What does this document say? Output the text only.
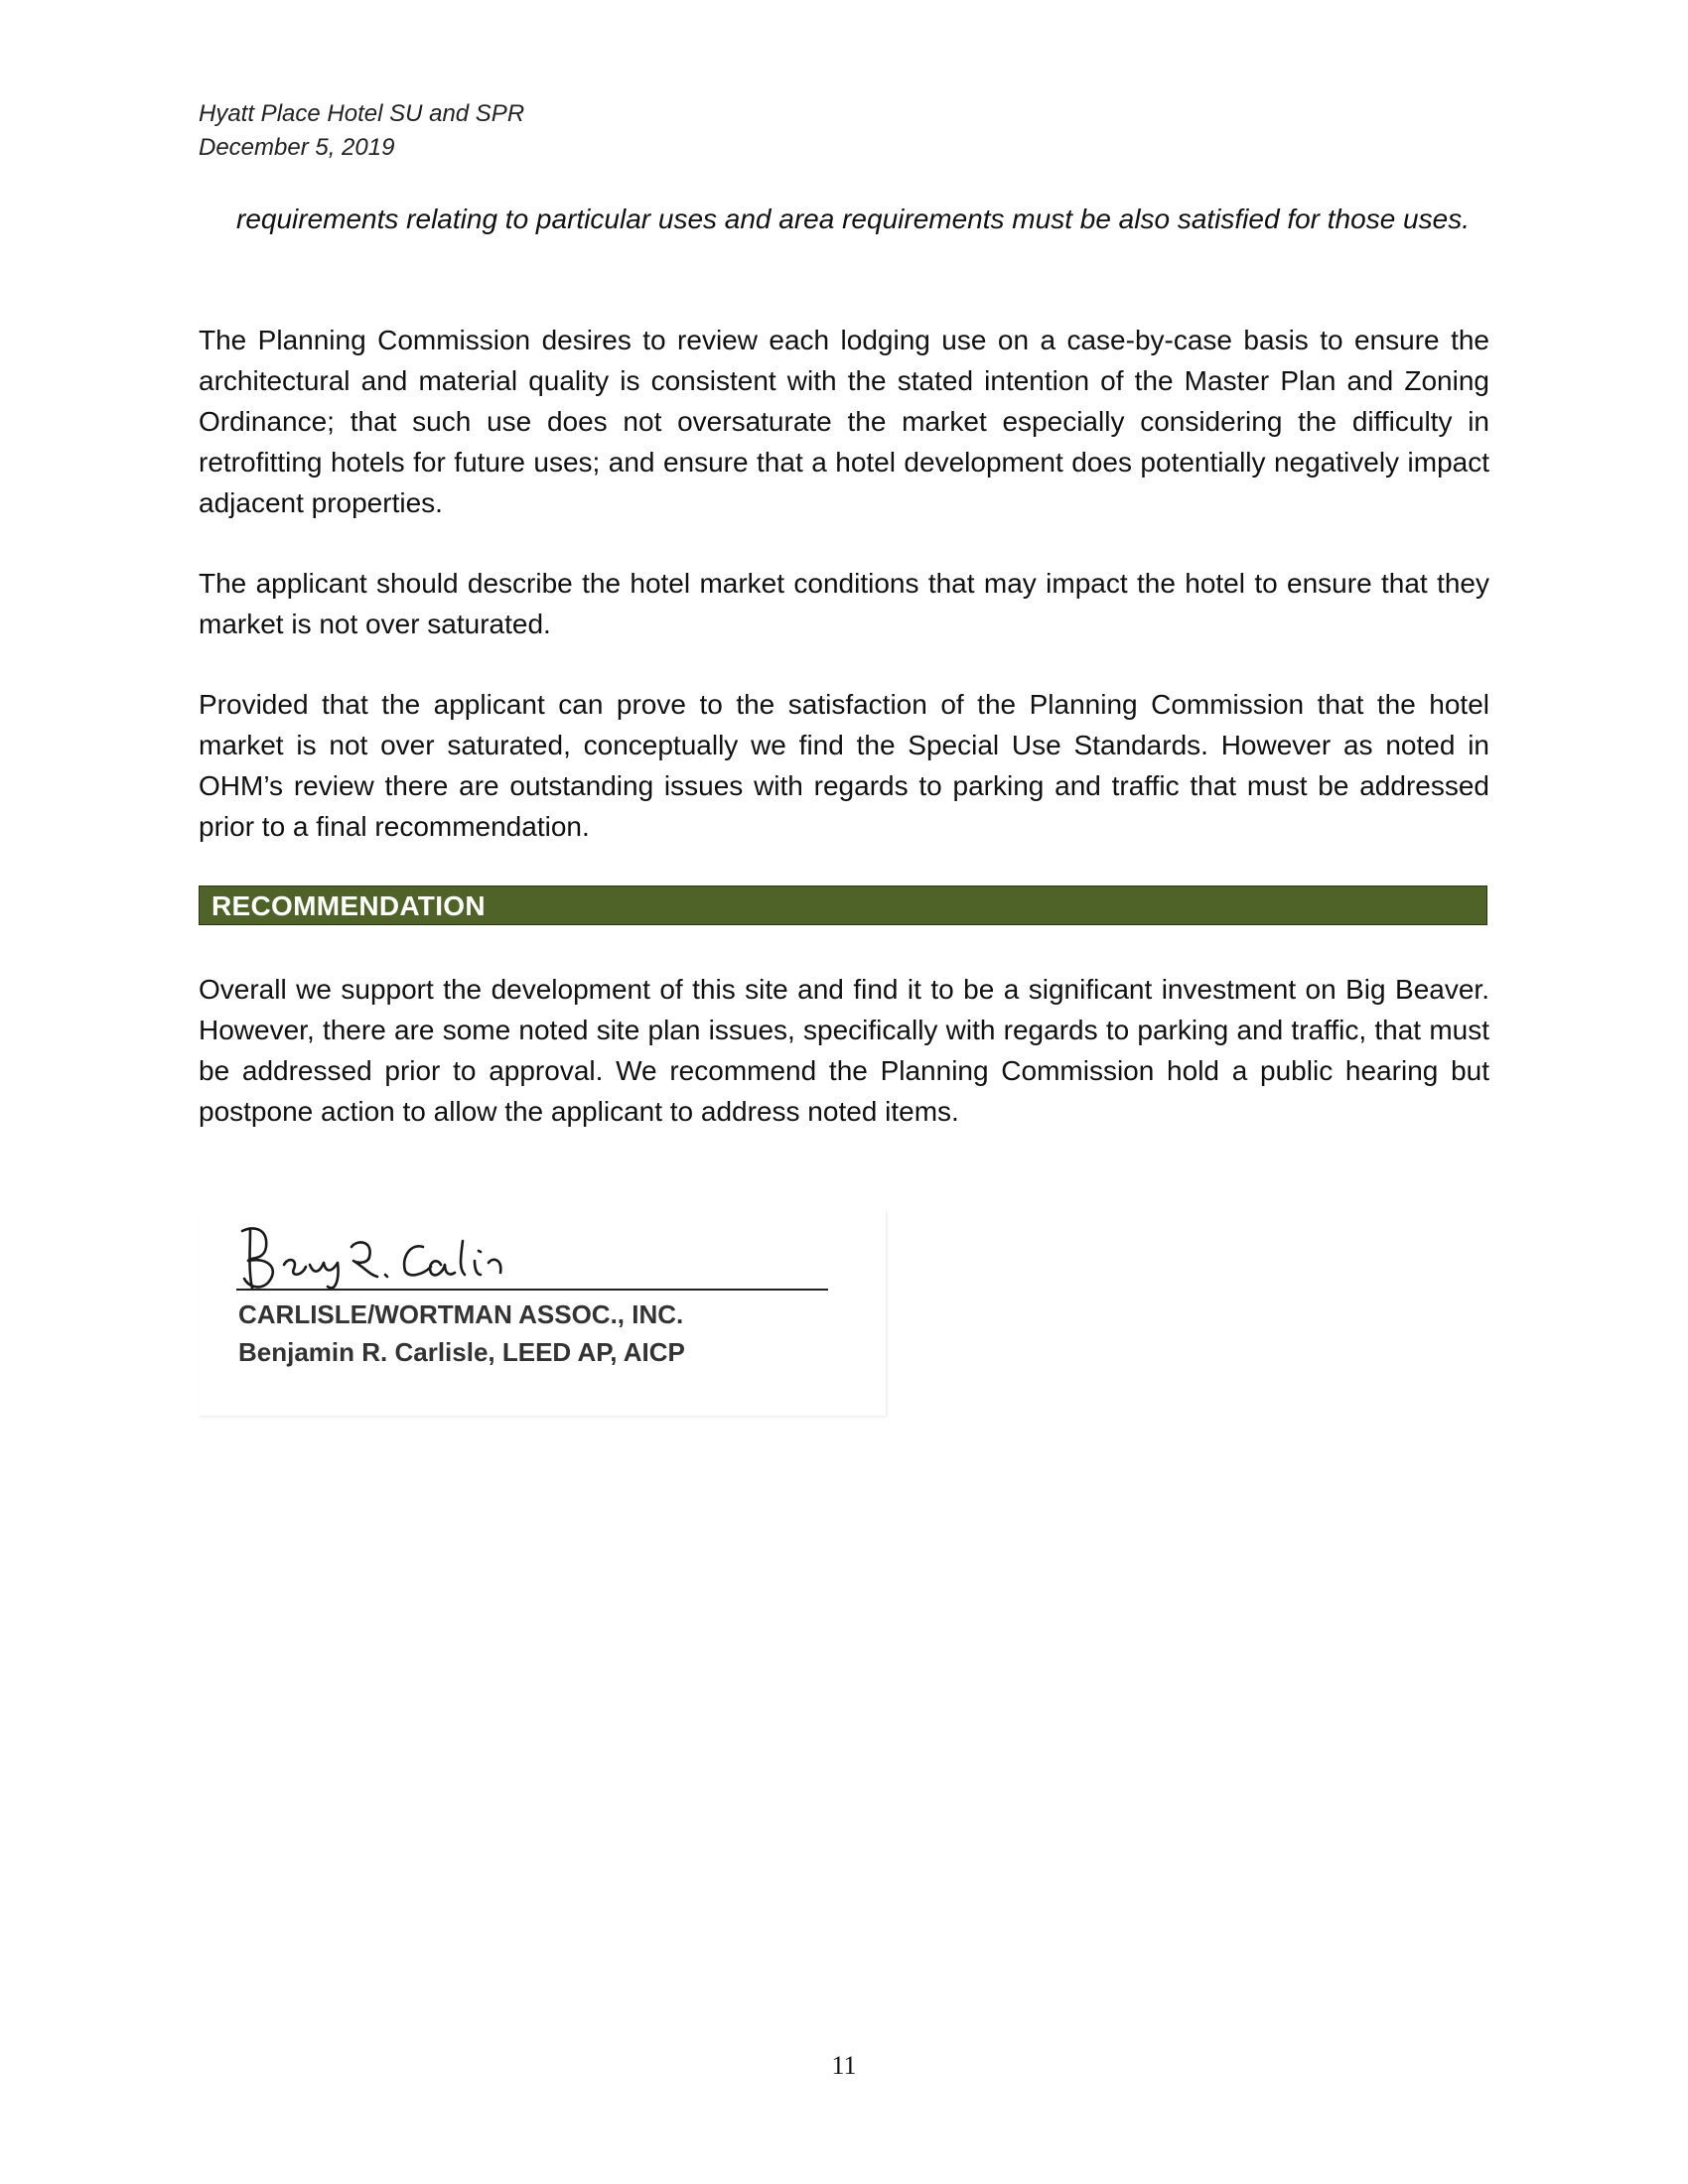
Hyatt Place Hotel SU and SPR
December 5, 2019
requirements relating to particular uses and area requirements must be also satisfied for those uses.
The Planning Commission desires to review each lodging use on a case-by-case basis to ensure the architectural and material quality is consistent with the stated intention of the Master Plan and Zoning Ordinance; that such use does not oversaturate the market especially considering the difficulty in retrofitting hotels for future uses; and ensure that a hotel development does potentially negatively impact adjacent properties.
The applicant should describe the hotel market conditions that may impact the hotel to ensure that they market is not over saturated.
Provided that the applicant can prove to the satisfaction of the Planning Commission that the hotel market is not over saturated, conceptually we find the Special Use Standards. However as noted in OHM’s review there are outstanding issues with regards to parking and traffic that must be addressed prior to a final recommendation.
RECOMMENDATION
Overall we support the development of this site and find it to be a significant investment on Big Beaver. However, there are some noted site plan issues, specifically with regards to parking and traffic, that must be addressed prior to approval. We recommend the Planning Commission hold a public hearing but postpone action to allow the applicant to address noted items.
CARLISLE/WORTMAN ASSOC., INC.
Benjamin R. Carlisle, LEED AP, AICP
11
